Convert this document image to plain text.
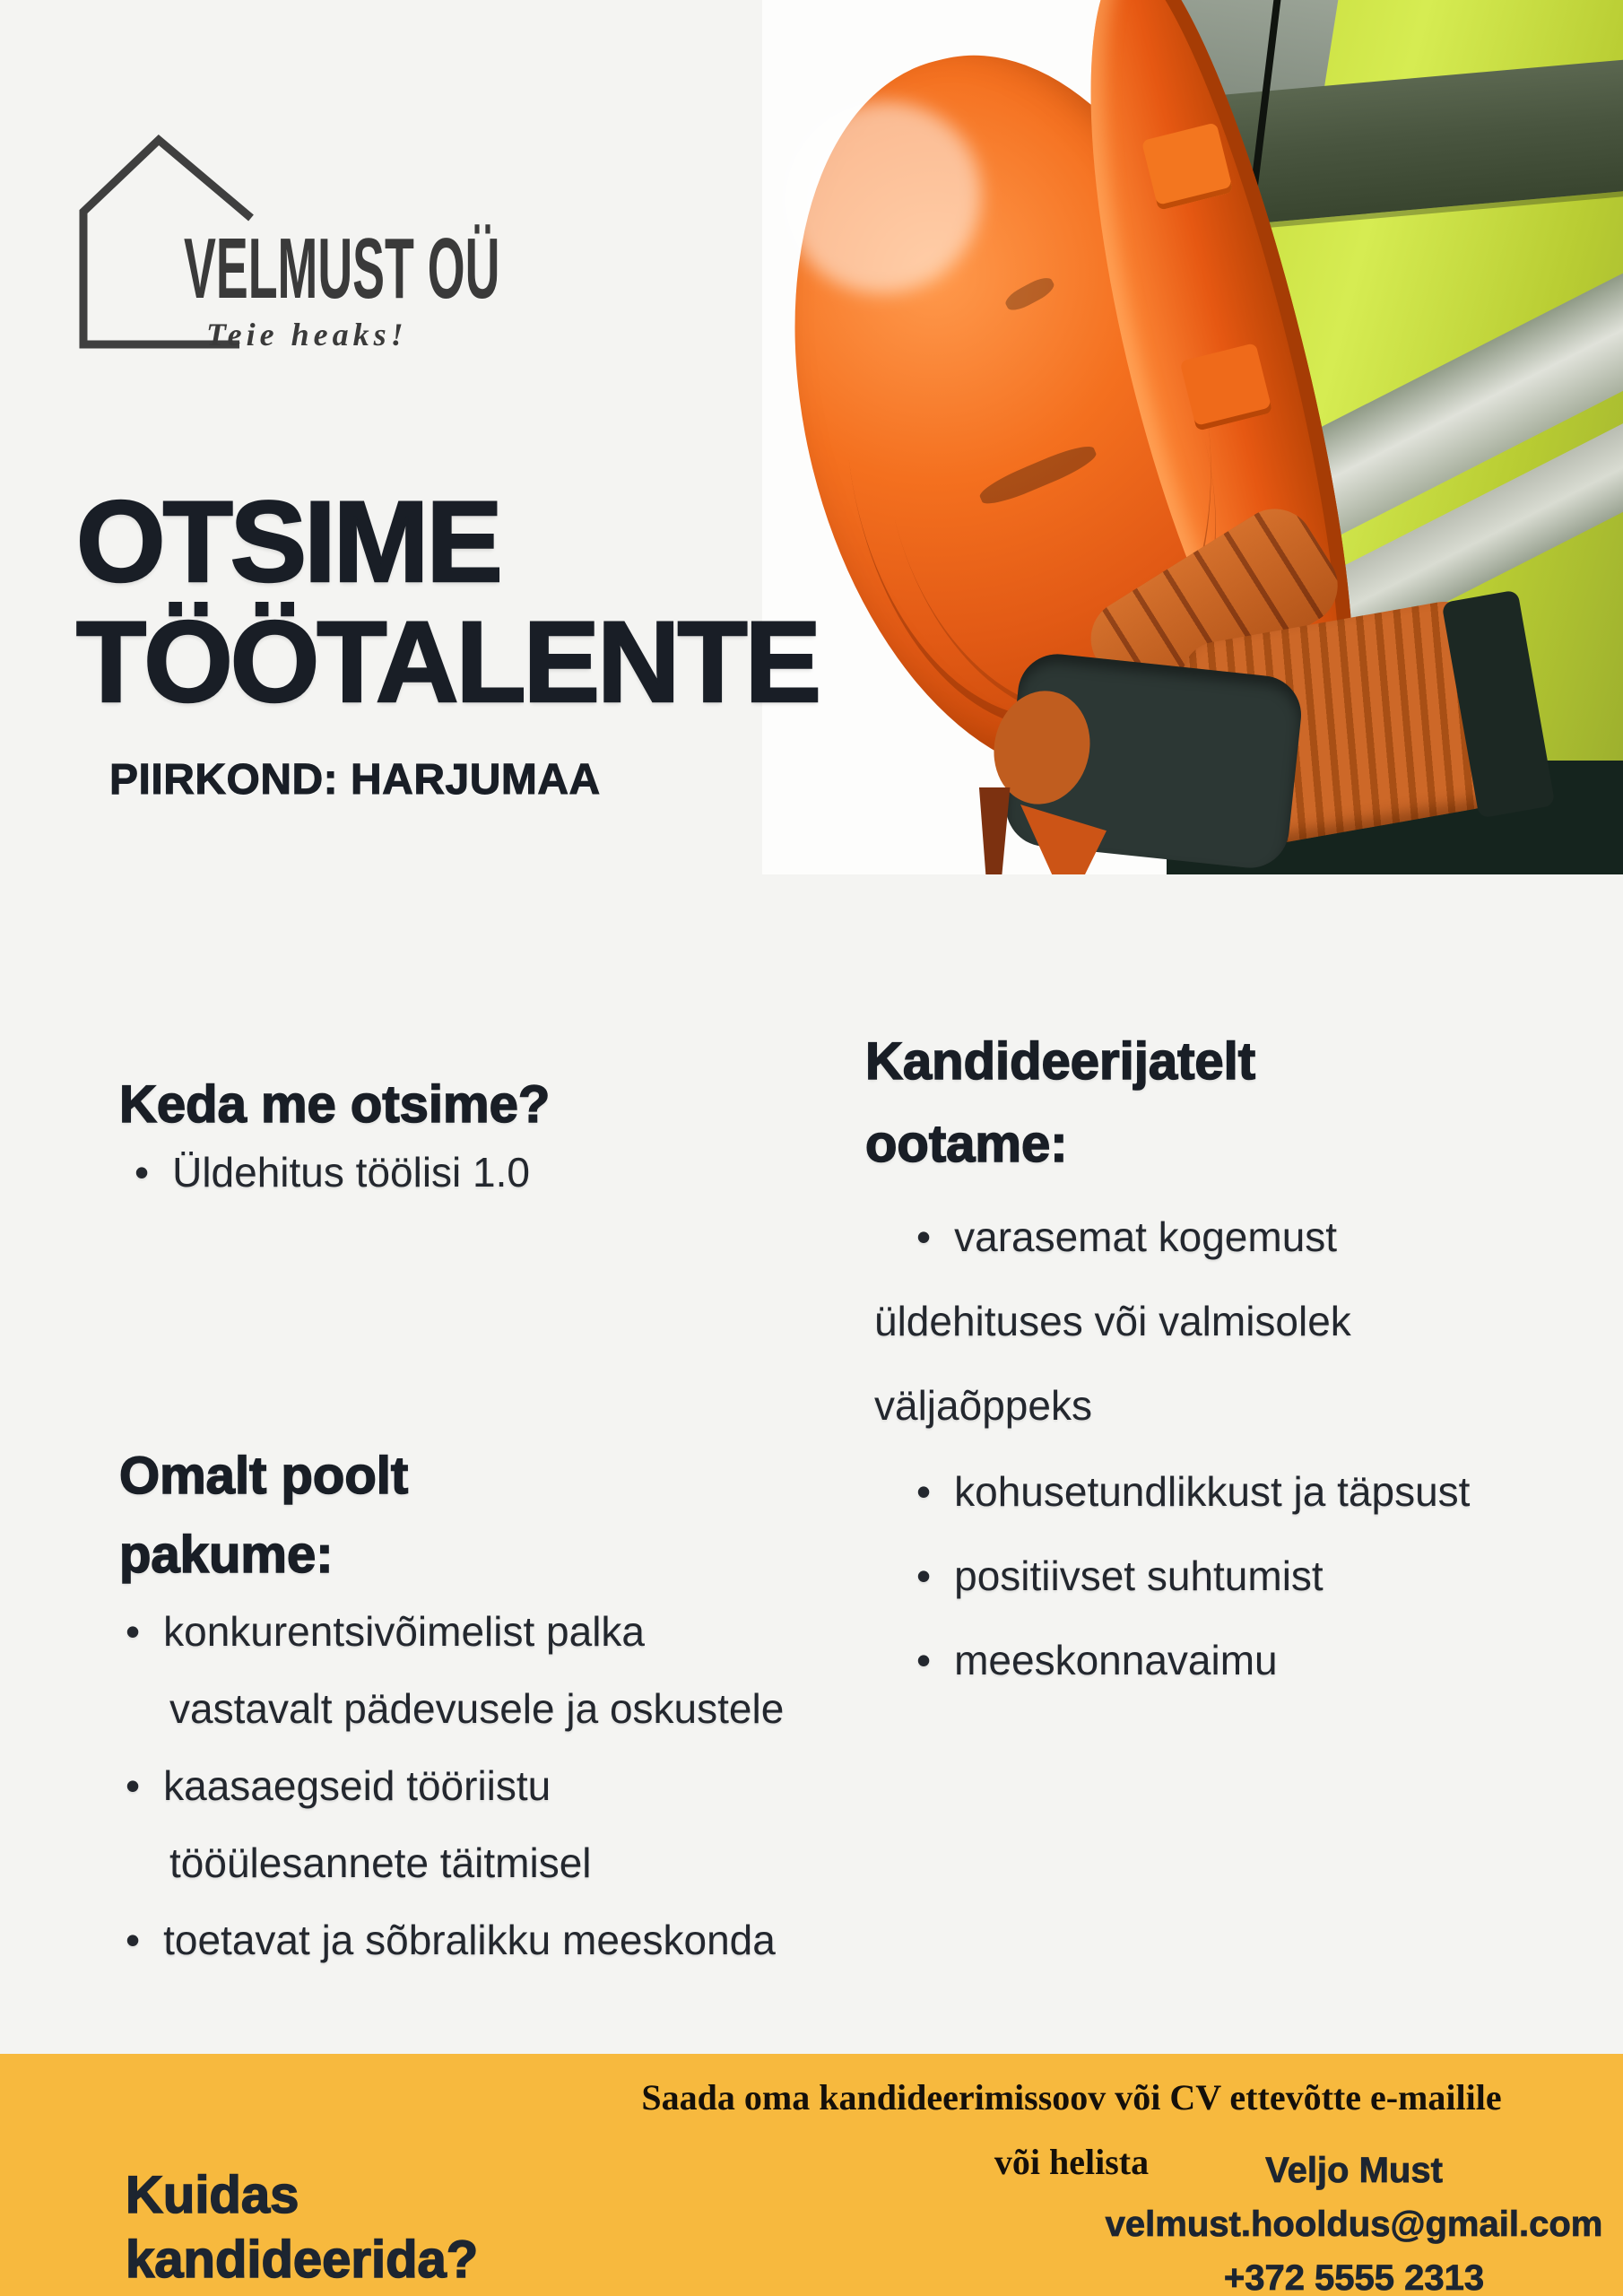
VELMUST OÜ
Teie heaks!
OTSIME
TÖÖTALENTE
PIIRKOND: HARJUMAA
Keda me otsime?
• Üldehitus töölisi 1.0
Kandideerijatelt
ootame:
• varasemat kogemust
üldehituses või valmisolek
väljaõppeks
• kohusetundlikkust ja täpsust
• positiivset suhtumist
• meeskonnavaimu
Omalt poolt
pakume:
• konkurentsivõimelist palka
vastavalt pädevusele ja oskustele
• kaasaegseid tööriistu
tööülesannete täitmisel
• toetavat ja sõbralikku meeskonda
Kuidas
kandideerida?
Saada oma kandideerimissoov või CV ettevõtte e-mailile
või helista	Veljo Must
velmust.hooldus@gmail.com
+372 5555 2313
